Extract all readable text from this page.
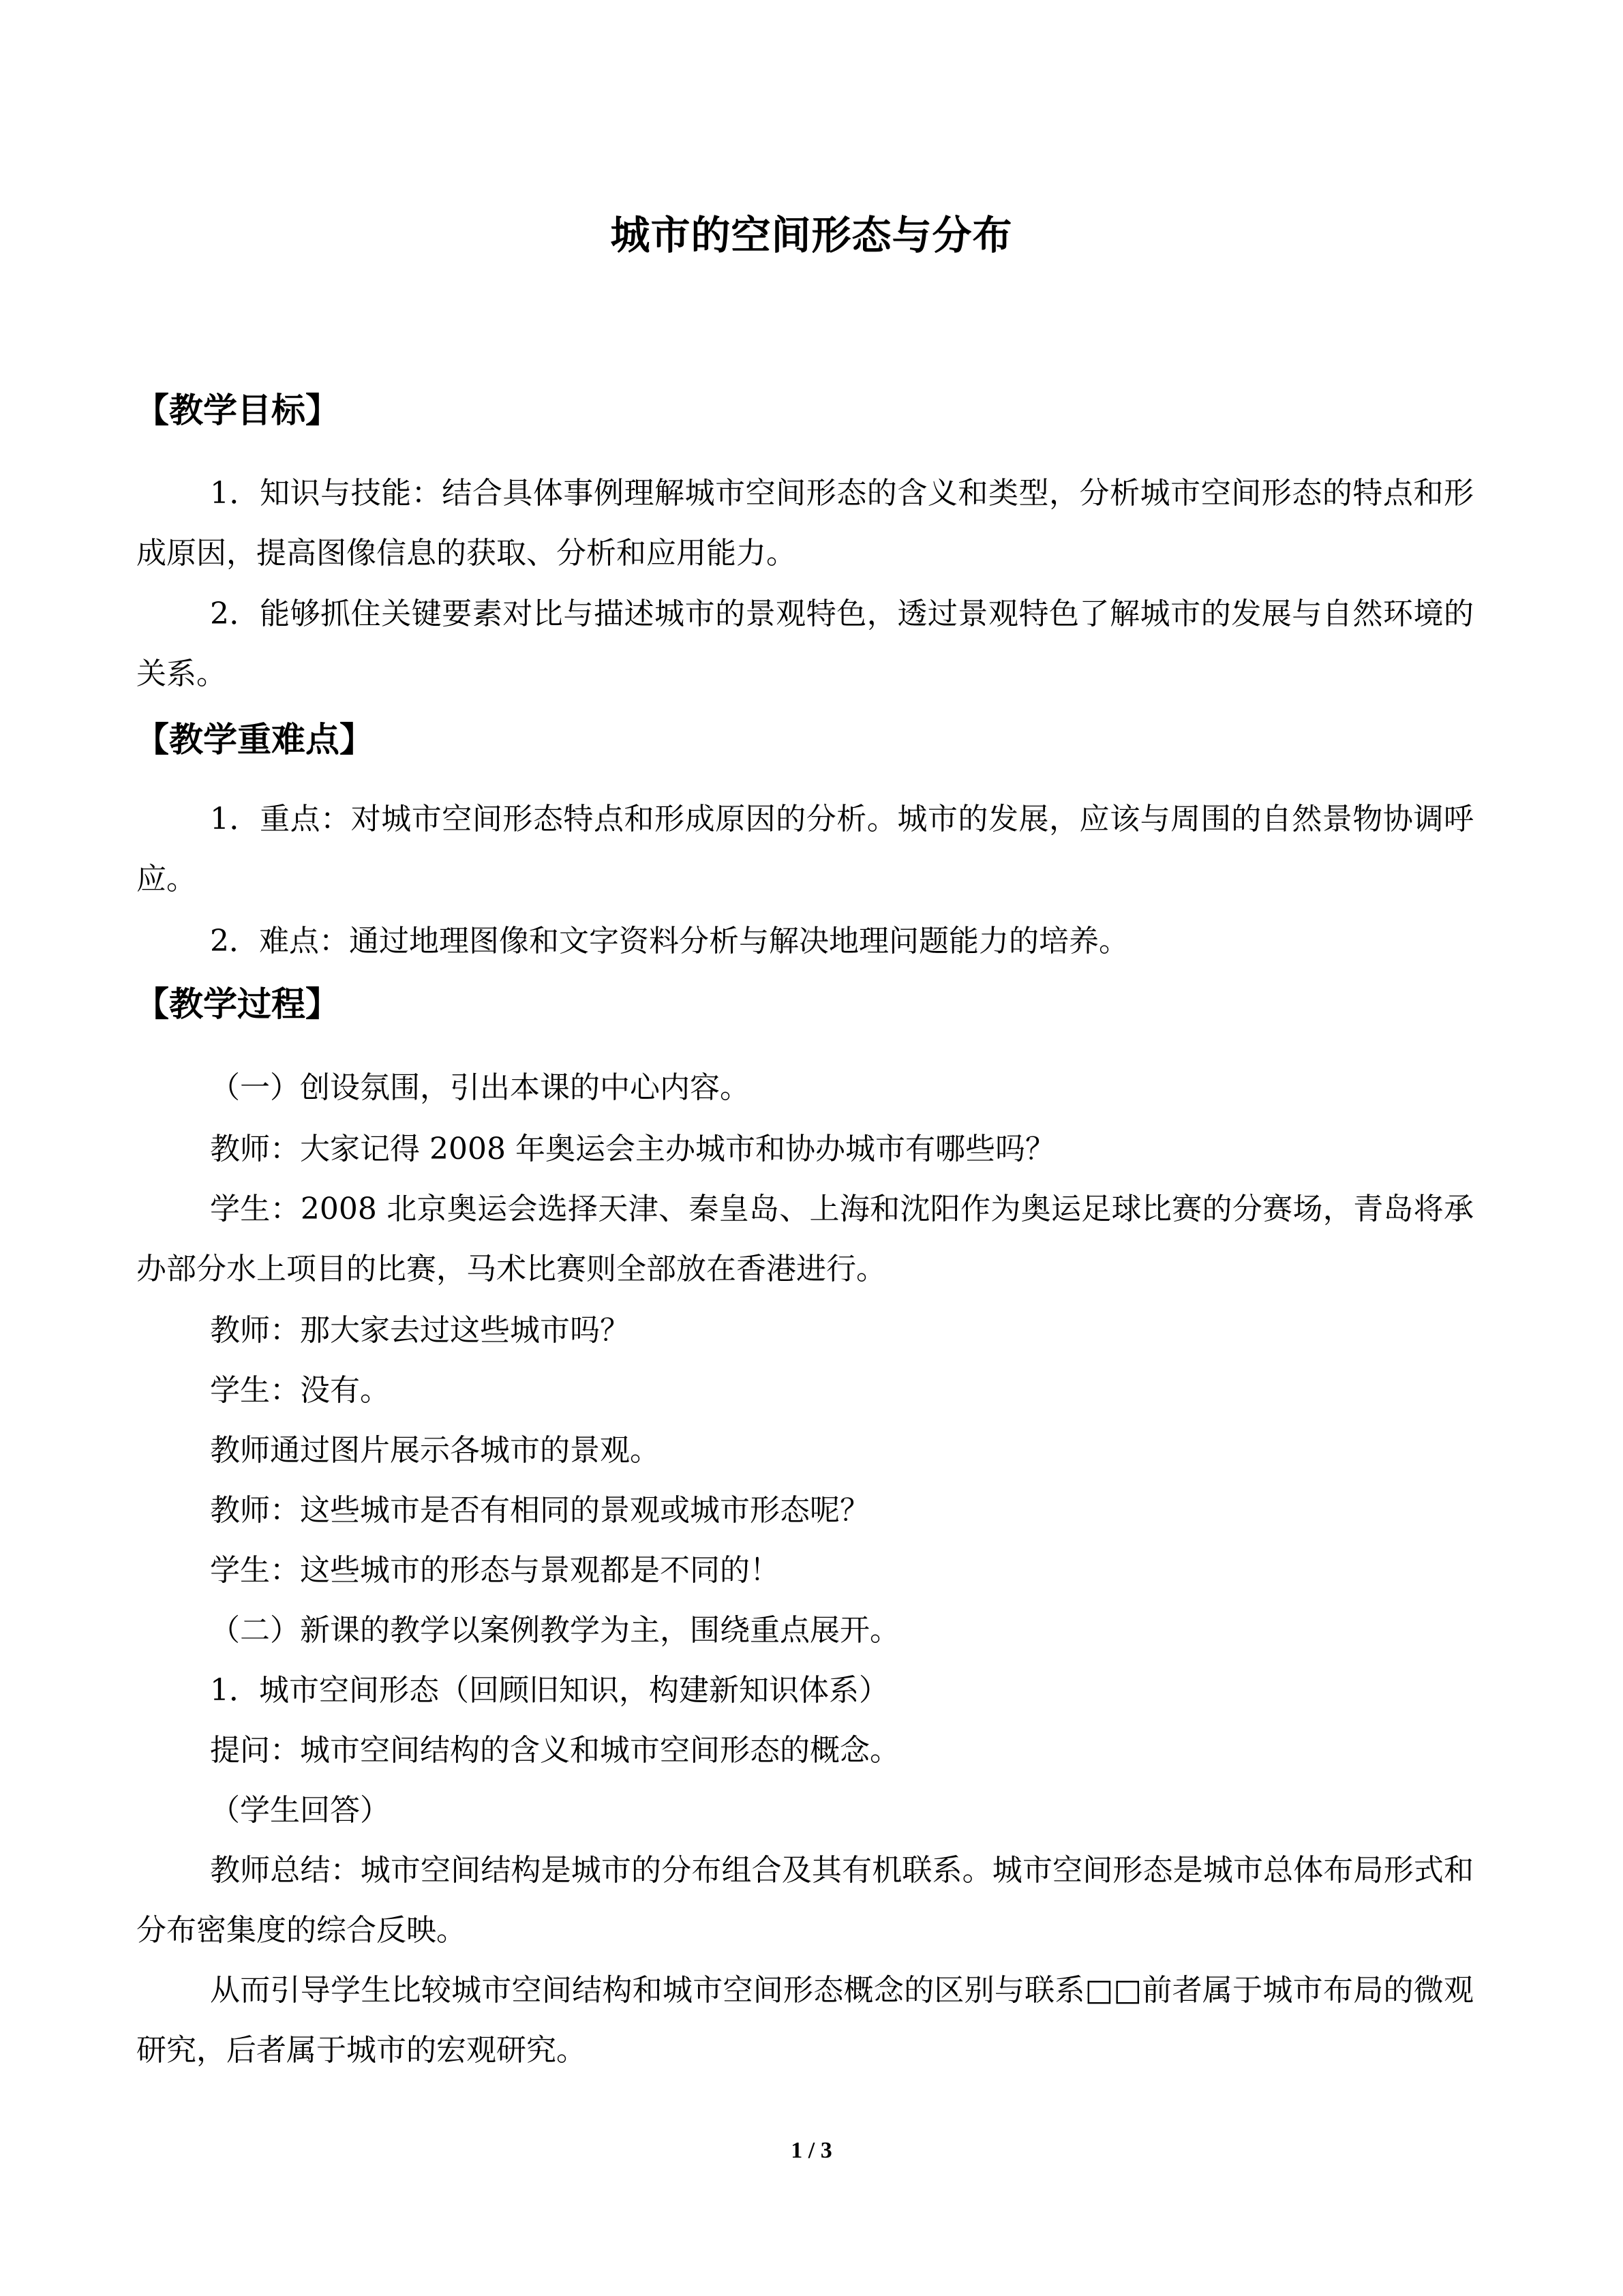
城市的空间形态与分布
【教学目标】

1．知识与技能：结合具体事例理解城市空间形态的含义和类型，分析城市空间形态的特点和形成原因，提高图像信息的获取、分析和应用能力。

2．能够抓住关键要素对比与描述城市的景观特色，透过景观特色了解城市的发展与自然环境的关系。

【教学重难点】

1．重点：对城市空间形态特点和形成原因的分析。城市的发展，应该与周围的自然景物协调呼应。

2．难点：通过地理图像和文字资料分析与解决地理问题能力的培养。

【教学过程】

（一）创设氛围，引出本课的中心内容。

教师：大家记得 2008 年奥运会主办城市和协办城市有哪些吗？

学生：2008 北京奥运会选择天津、秦皇岛、上海和沈阳作为奥运足球比赛的分赛场，青岛将承办部分水上项目的比赛，马术比赛则全部放在香港进行。

教师：那大家去过这些城市吗？

学生：没有。

教师通过图片展示各城市的景观。

教师：这些城市是否有相同的景观或城市形态呢？

学生：这些城市的形态与景观都是不同的！

（二）新课的教学以案例教学为主，围绕重点展开。

1．城市空间形态（回顾旧知识，构建新知识体系）

提问：城市空间结构的含义和城市空间形态的概念。

（学生回答）

教师总结：城市空间结构是城市的分布组合及其有机联系。城市空间形态是城市总体布局形式和分布密集度的综合反映。

从而引导学生比较城市空间结构和城市空间形态概念的区别与联系□□前者属于城市布局的微观研究，后者属于城市的宏观研究。

1 / 3
